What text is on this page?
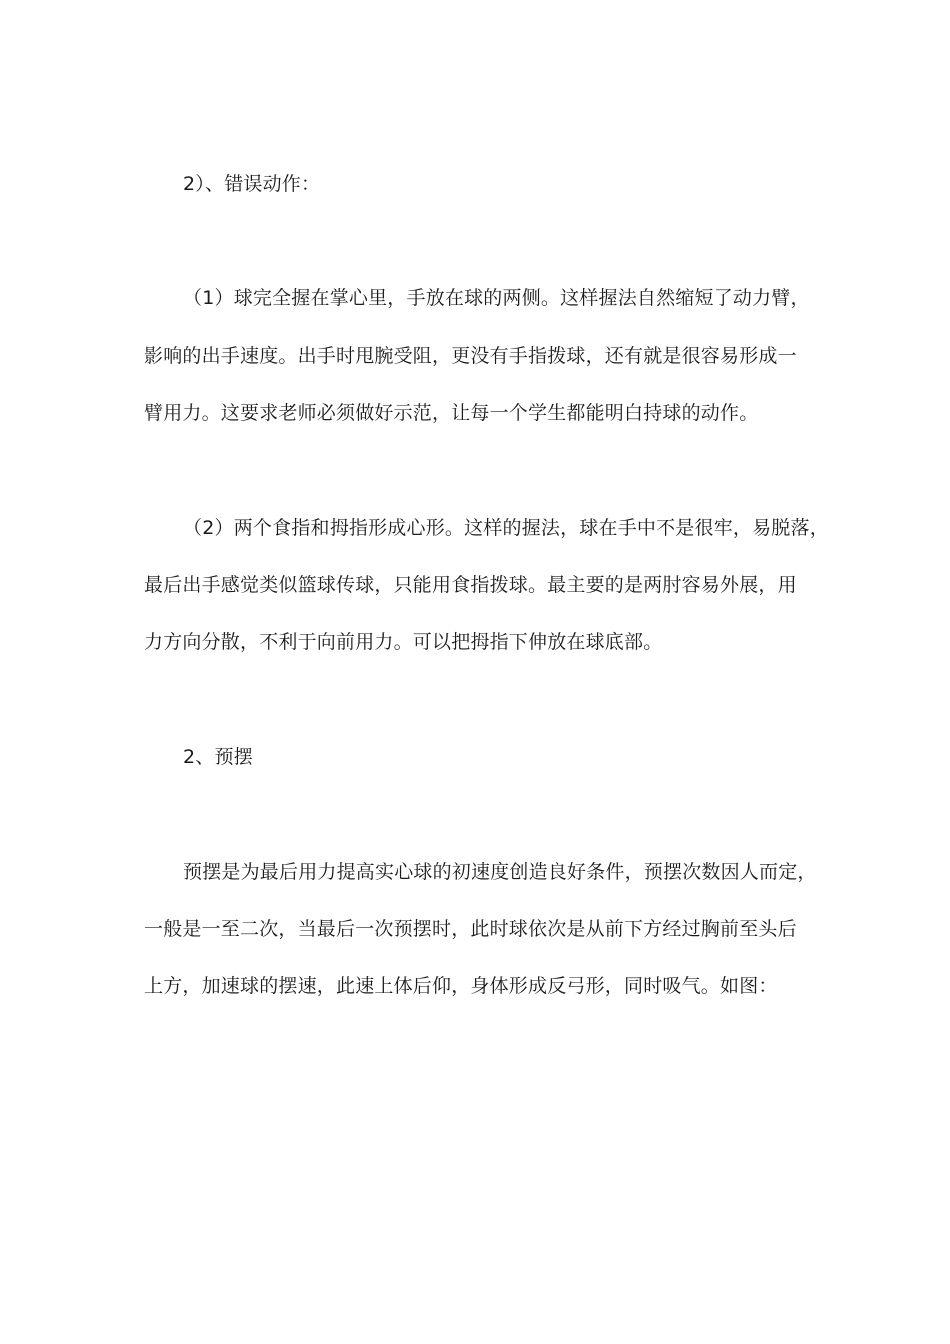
2）、错误动作：
（1）球完全握在掌心里，手放在球的两侧。这样握法自然缩短了动力臂，
影响的出手速度。出手时甩腕受阻，更没有手指拨球，还有就是很容易形成一
臂用力。这要求老师必须做好示范，让每一个学生都能明白持球的动作。
（2）两个食指和拇指形成心形。这样的握法，球在手中不是很牢，易脱落，
最后出手感觉类似篮球传球，只能用食指拨球。最主要的是两肘容易外展，用
力方向分散，不利于向前用力。可以把拇指下伸放在球底部。
2、预摆
预摆是为最后用力提高实心球的初速度创造良好条件，预摆次数因人而定，
一般是一至二次，当最后一次预摆时，此时球依次是从前下方经过胸前至头后
上方，加速球的摆速，此速上体后仰，身体形成反弓形，同时吸气。如图：
